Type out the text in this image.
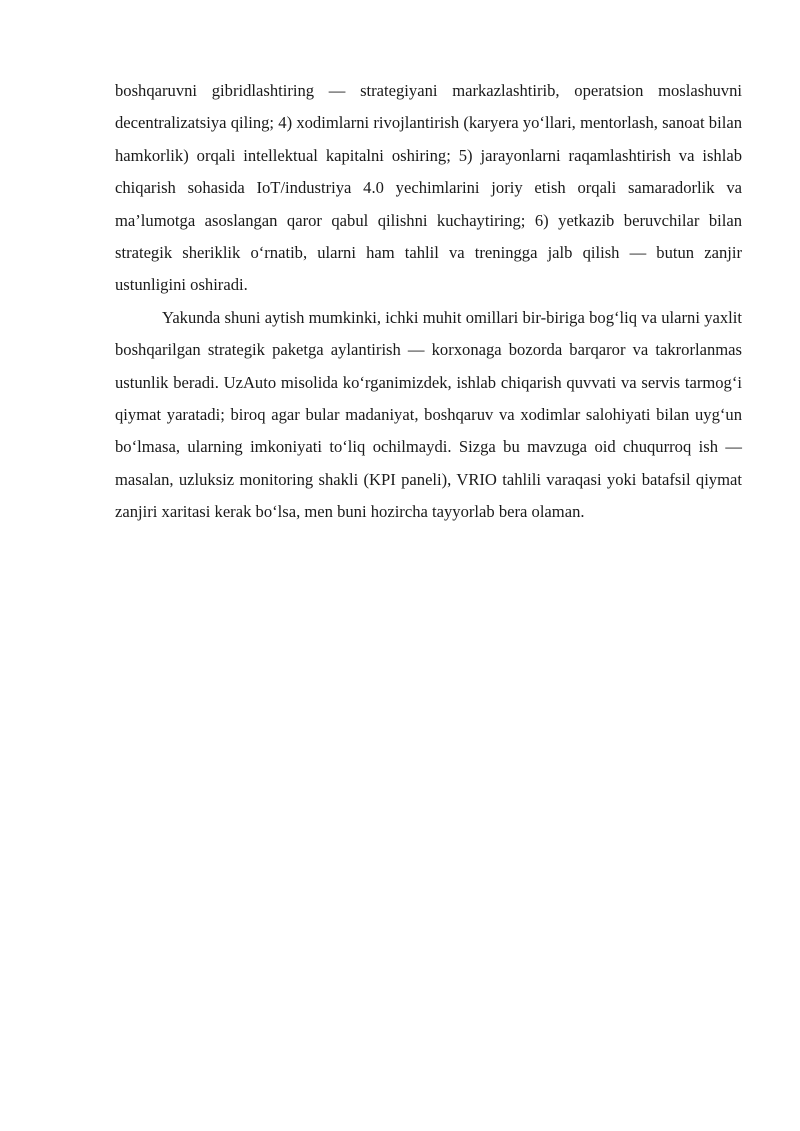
boshqaruvni gibridlashtiring — strategiyani markazlashtirib, operatsion moslashuvni decentralizatsiya qiling; 4) xodimlarni rivojlantirish (karyera yo‘llari, mentorlash, sanoat bilan hamkorlik) orqali intellektual kapitalni oshiring; 5) jarayonlarni raqamlashtirish va ishlab chiqarish sohasida IoT/industriya 4.0 yechimlarini joriy etish orqali samaradorlik va ma’lumotga asoslangan qaror qabul qilishni kuchaytiring; 6) yetkazib beruvchilar bilan strategik sheriklik o‘rnatib, ularni ham tahlil va treningga jalb qilish — butun zanjir ustunligini oshiradi.

Yakunda shuni aytish mumkinki, ichki muhit omillari bir-biriga bog‘liq va ularni yaxlit boshqarilgan strategik paketga aylantirish — korxonaga bozorda barqaror va takrorlanmas ustunlik beradi. UzAuto misolida ko‘rganimizdek, ishlab chiqarish quvvati va servis tarmog‘i qiymat yaratadi; biroq agar bular madaniyat, boshqaruv va xodimlar salohiyati bilan uyg‘un bo‘lmasa, ularning imkoniyati to‘liq ochilmaydi. Sizga bu mavzuga oid chuqurroq ish — masalan, uzluksiz monitoring shakli (KPI paneli), VRIO tahlili varaqasi yoki batafsil qiymat zanjiri xaritasi kerak bo‘lsa, men buni hozircha tayyorlab bera olaman.
